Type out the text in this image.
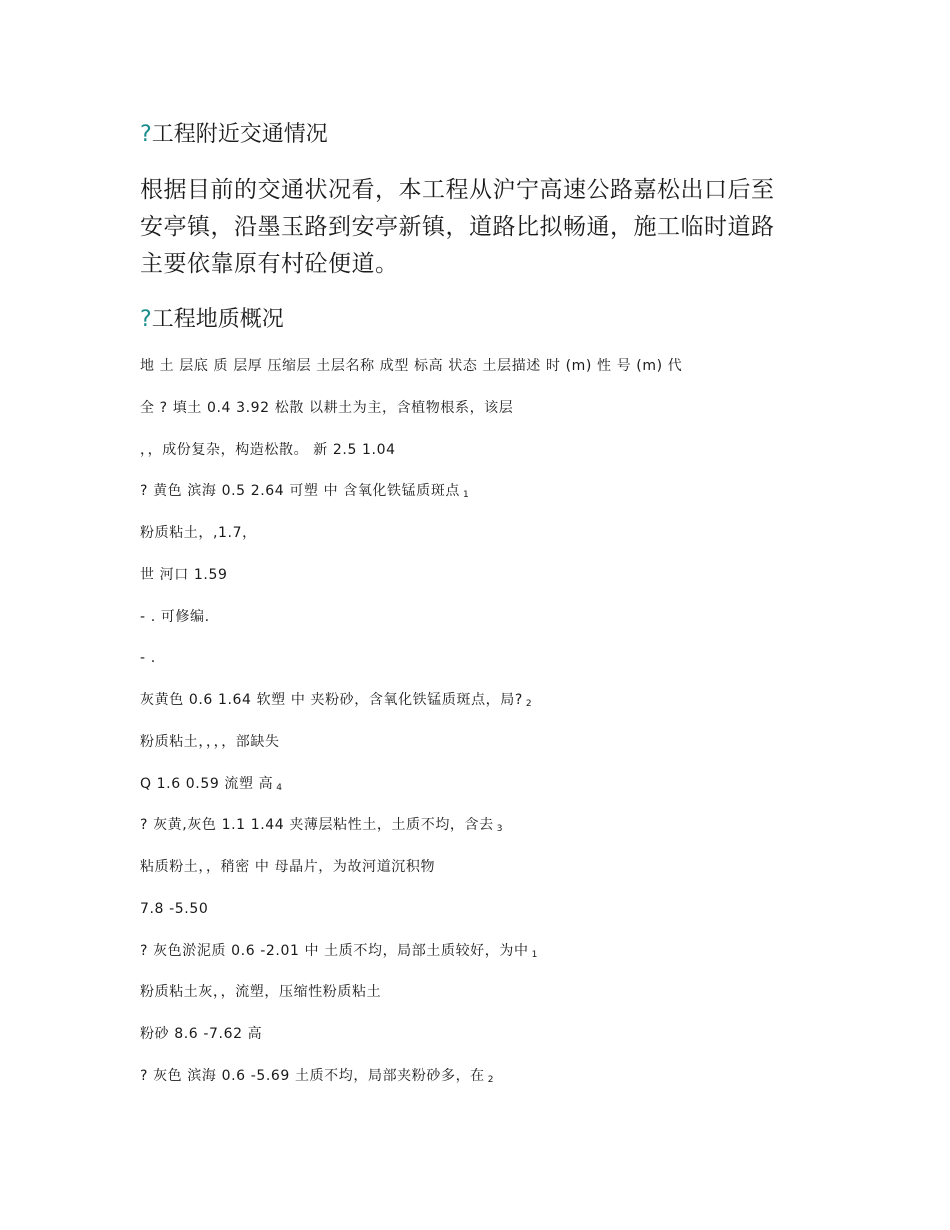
?工程附近交通情况
根据目前的交通状况看，本工程从沪宁高速公路嘉松出口后至
安亭镇，沿墨玉路到安亭新镇，道路比拟畅通，施工临时道路
主要依靠原有村砼便道。
?工程地质概况
地 土 层底 质 层厚 压缩层 土层名称 成型 标高 状态 土层描述 时 (m) 性 号 (m) 代
全 ? 填土 0.4 3.92 松散 以耕土为主，含植物根系，该层
，，成份复杂，构造松散。 新 2.5 1.04
? 黄色 滨海 0.5 2.64 可塑 中 含氧化铁锰质斑点 $_1$
粉质粘土，,1.7，
世 河口 1.59
- . 可修编.
- .
灰黄色 0.6 1.64 软塑 中 夹粉砂，含氧化铁锰质斑点，局? $_2$
粉质粘土，，，，部缺失
Q 1.6 0.59 流塑 高 $_4$
? 灰黄,灰色 1.1 1.44 夹薄层粘性土，土质不均，含去 $_3$
粘质粉土，，稍密 中 母晶片，为故河道沉积物
7.8 -5.50
? 灰色淤泥质 0.6 -2.01 中 土质不均，局部土质较好，为中 $_1$
粉质粘土灰，，流塑，压缩性粉质粘土
粉砂 8.6 -7.62 高
? 灰色 滨海 0.6 -5.69 土质不均，局部夹粉砂多，在 $_2$
